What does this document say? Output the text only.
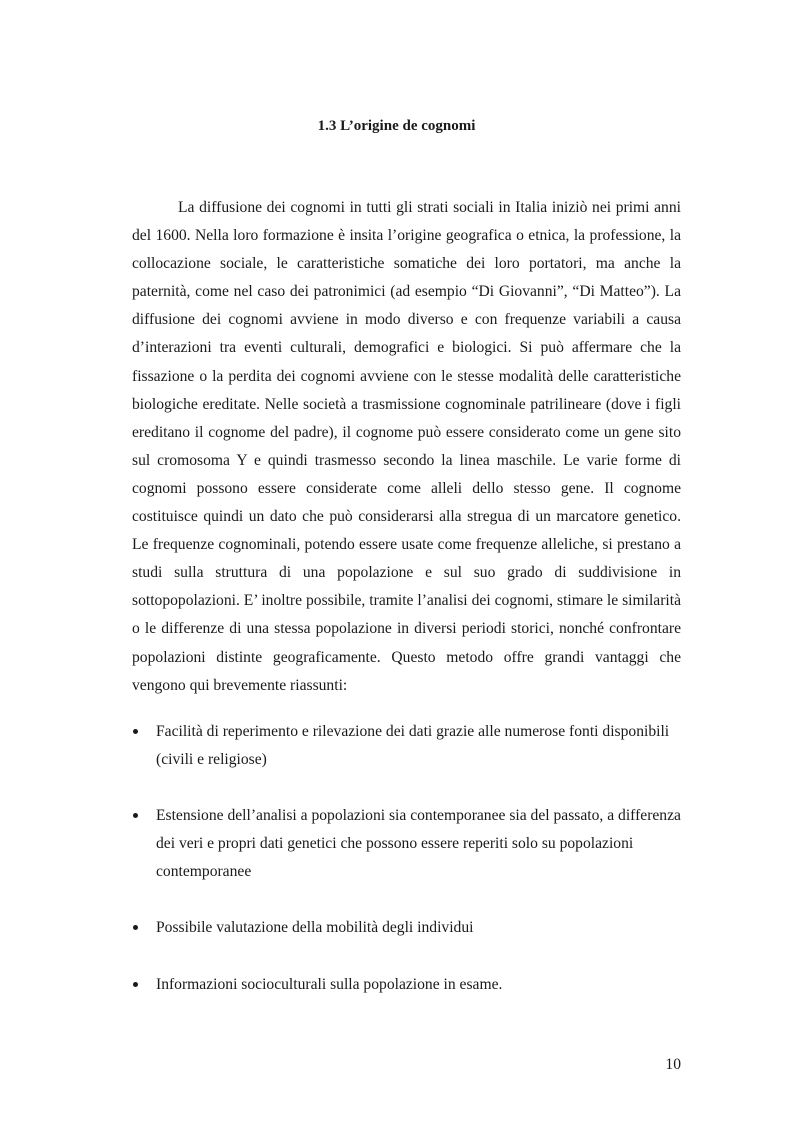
1.3 L’origine de cognomi

La diffusione dei cognomi in tutti gli strati sociali in Italia iniziò nei primi anni del 1600. Nella loro formazione è insita l’origine geografica o etnica, la professione, la collocazione sociale, le caratteristiche somatiche dei loro portatori, ma anche la paternità, come nel caso dei patronimici (ad esempio “Di Giovanni”, “Di Matteo”). La diffusione dei cognomi avviene in modo diverso e con frequenze variabili a causa d’interazioni tra eventi culturali, demografici e biologici. Si può affermare che la fissazione o la perdita dei cognomi avviene con le stesse modalità delle caratteristiche biologiche ereditate. Nelle società a trasmissione cognominale patrilineare (dove i figli ereditano il cognome del padre), il cognome può essere considerato come un gene sito sul cromosoma Y e quindi trasmesso secondo la linea maschile. Le varie forme di cognomi possono essere considerate come alleli dello stesso gene. Il cognome costituisce quindi un dato che può considerarsi alla stregua di un marcatore genetico. Le frequenze cognominali, potendo essere usate come frequenze alleliche, si prestano a studi sulla struttura di una popolazione e sul suo grado di suddivisione in sottopopolazioni. E’ inoltre possibile, tramite l’analisi dei cognomi, stimare le similarità o le differenze di una stessa popolazione in diversi periodi storici, nonché confrontare popolazioni distinte geograficamente. Questo metodo offre grandi vantaggi che vengono qui brevemente riassunti:

Facilità di reperimento e rilevazione dei dati grazie alle numerose fonti disponibili (civili e religiose)
Estensione dell’analisi a popolazioni sia contemporanee sia del passato, a differenza dei veri e propri dati genetici che possono essere reperiti solo su popolazioni contemporanee
Possibile valutazione della mobilità degli individui
Informazioni socioculturali sulla popolazione in esame.

10
